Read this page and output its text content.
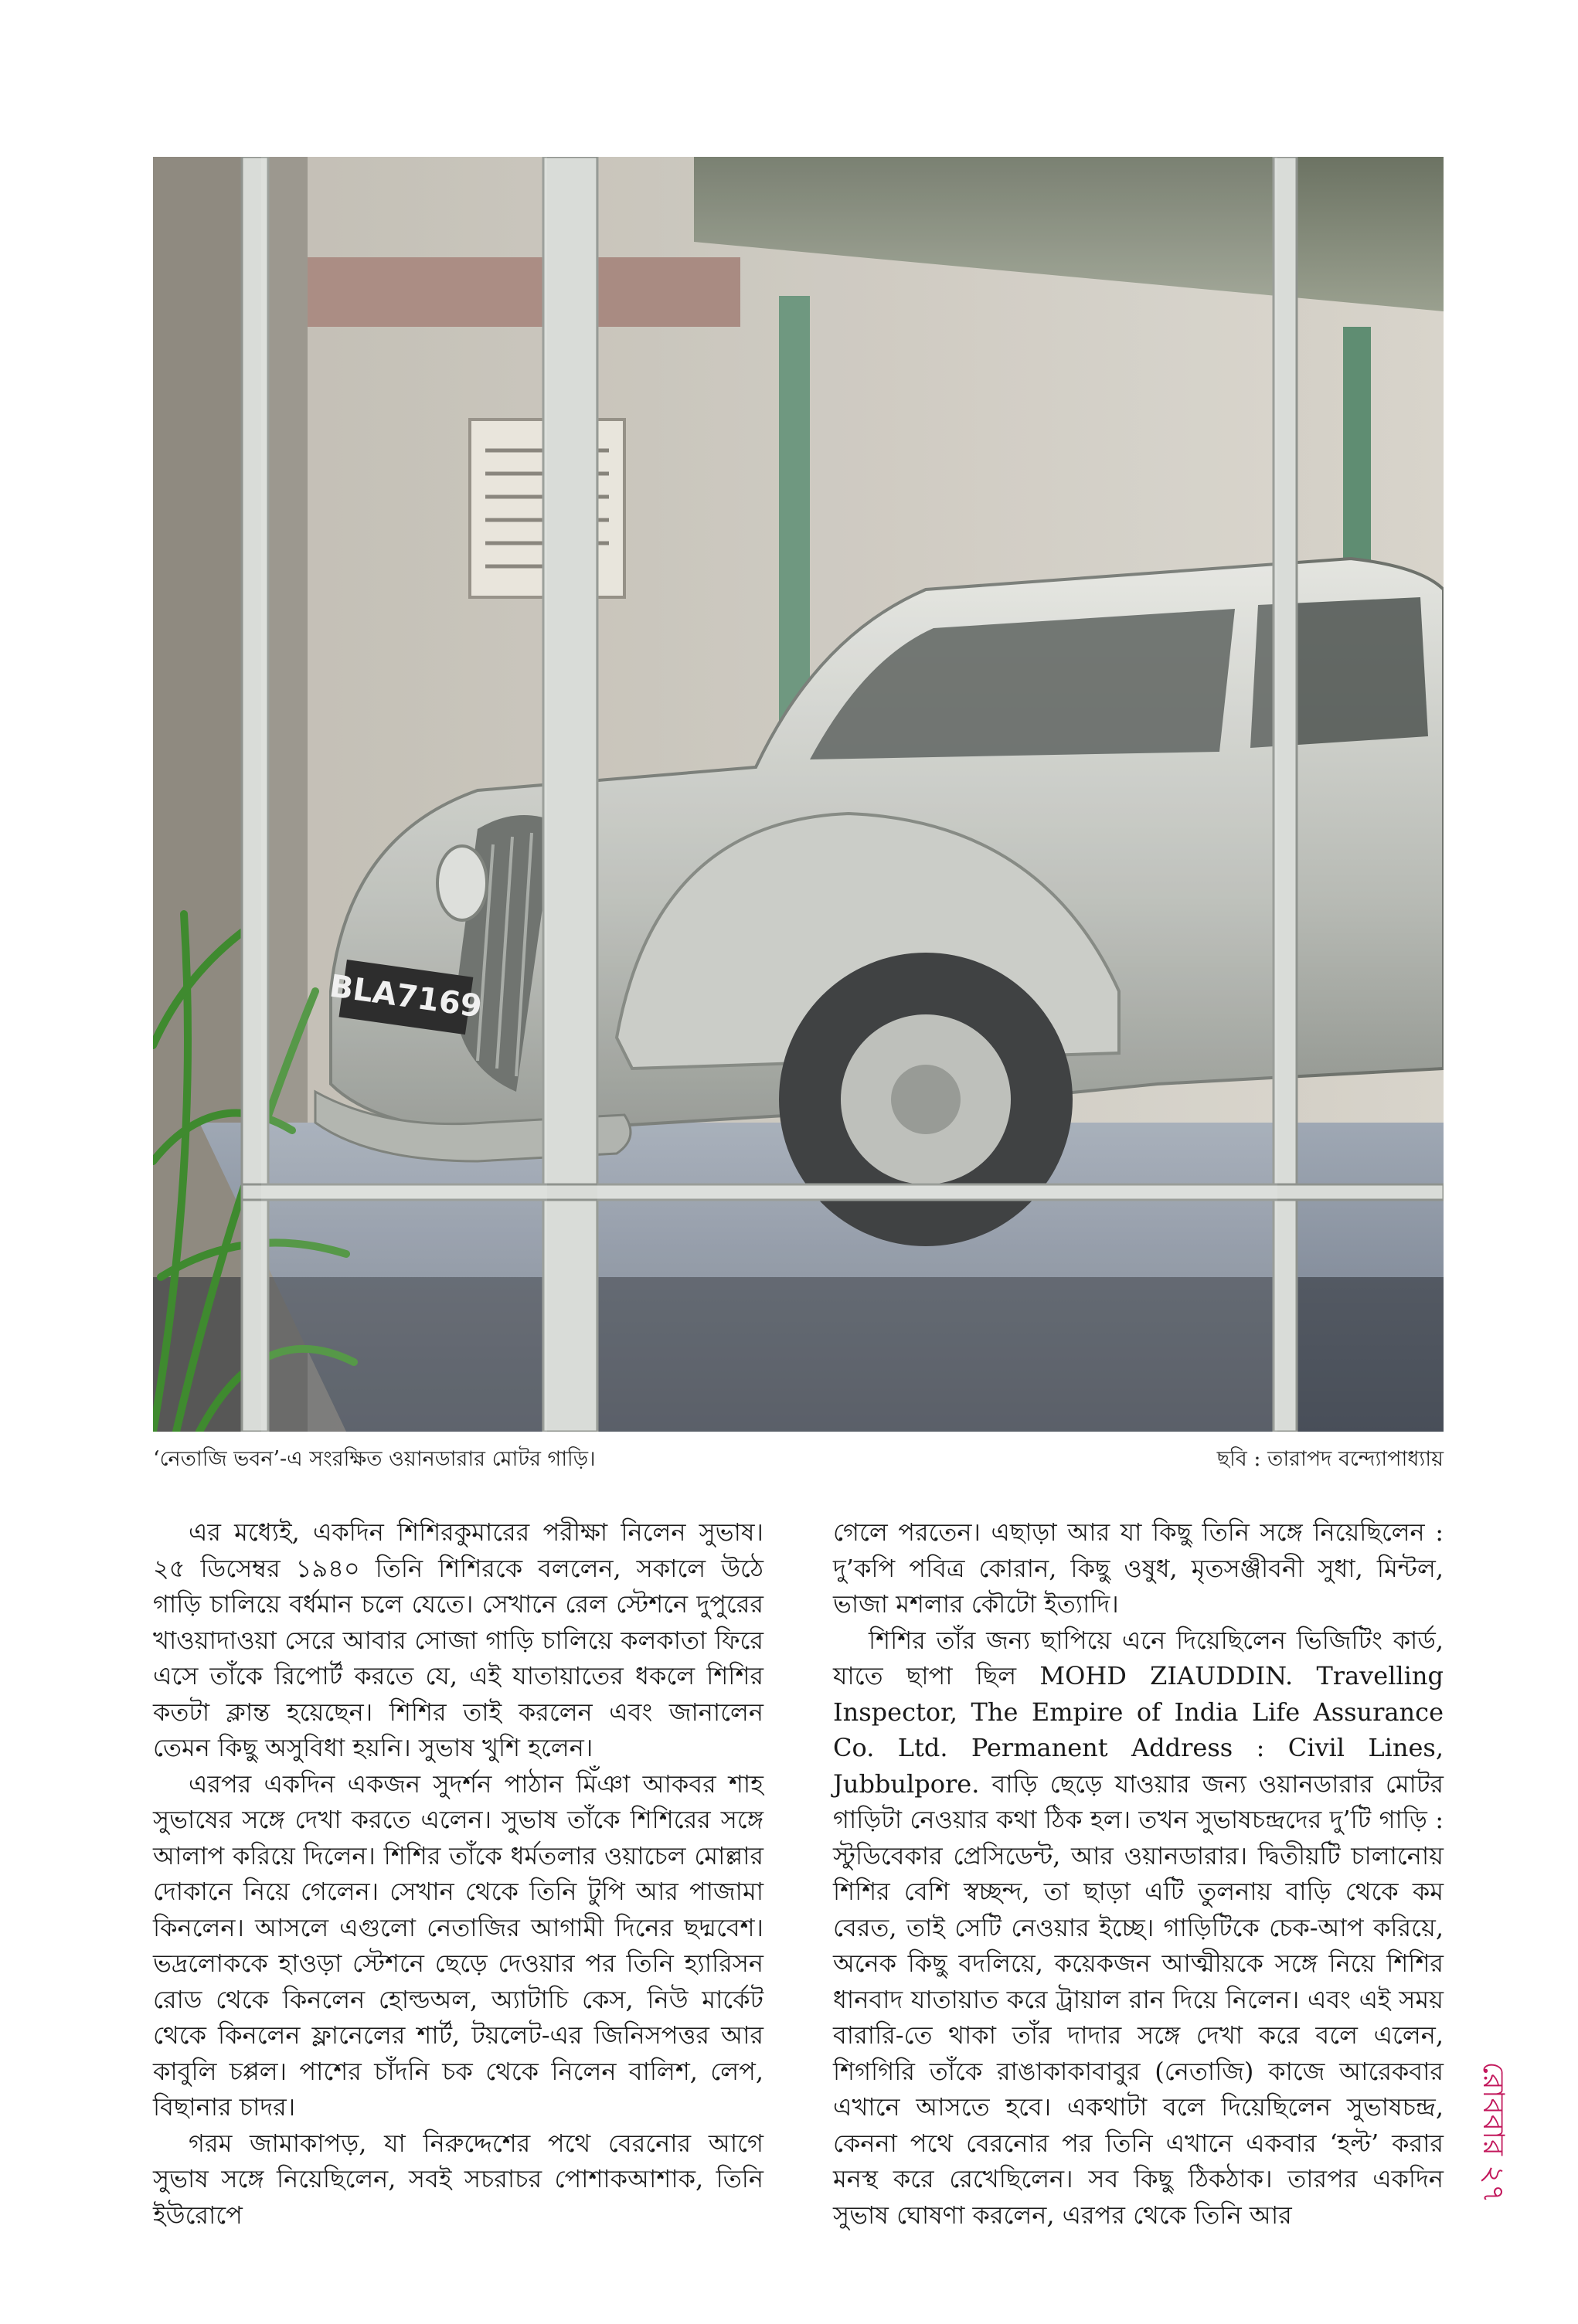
BLA7169
‘নেতাজি ভবন’-এ সংরক্ষিত ওয়ানডারার মোটর গাড়ি।	ছবি : তারাপদ বন্দ্যোপাধ্যায়

এর মধ্যেই, একদিন শিশিরকুমারের পরীক্ষা নিলেন সুভাষ। ২৫ ডিসেম্বর ১৯৪০ তিনি শিশিরকে বললেন, সকালে উঠে গাড়ি চালিয়ে বর্ধমান চলে যেতে। সেখানে রেল স্টেশনে দুপুরের খাওয়াদাওয়া সেরে আবার সোজা গাড়ি চালিয়ে কলকাতা ফিরে এসে তাঁকে রিপোর্ট করতে যে, এই যাতায়াতের ধকলে শিশির কতটা ক্লান্ত হয়েছেন। শিশির তাই করলেন এবং জানালেন তেমন কিছু অসুবিধা হয়নি। সুভাষ খুশি হলেন।

এরপর একদিন একজন সুদর্শন পাঠান মিঁঞা আকবর শাহ সুভাষের সঙ্গে দেখা করতে এলেন। সুভাষ তাঁকে শিশিরের সঙ্গে আলাপ করিয়ে দিলেন। শিশির তাঁকে ধর্মতলার ওয়াচেল মোল্লার দোকানে নিয়ে গেলেন। সেখান থেকে তিনি টুপি আর পাজামা কিনলেন। আসলে এগুলো নেতাজির আগামী দিনের ছদ্মবেশ। ভদ্রলোককে হাওড়া স্টেশনে ছেড়ে দেওয়ার পর তিনি হ্যারিসন রোড থেকে কিনলেন হোল্ডঅল, অ্যাটাচি কেস, নিউ মার্কেট থেকে কিনলেন ফ্লানেলের শার্ট, টয়লেট-এর জিনিসপত্তর আর কাবুলি চপ্পল। পাশের চাঁদনি চক থেকে নিলেন বালিশ, লেপ, বিছানার চাদর।

গরম জামাকাপড়, যা নিরুদ্দেশের পথে বেরনোর আগে সুভাষ সঙ্গে নিয়েছিলেন, সবই সচরাচর পোশাকআশাক, তিনি ইউরোপে

গেলে পরতেন। এছাড়া আর যা কিছু তিনি সঙ্গে নিয়েছিলেন : দু’কপি পবিত্র কোরান, কিছু ওষুধ, মৃতসঞ্জীবনী সুধা, মিন্টল, ভাজা মশলার কৌটো ইত্যাদি।

শিশির তাঁর জন্য ছাপিয়ে এনে দিয়েছিলেন ভিজিটিং কার্ড, যাতে ছাপা ছিল MOHD ZIAUDDIN. Travelling Inspector, The Empire of India Life Assurance Co. Ltd. Permanent Address : Civil Lines, Jubbulpore. বাড়ি ছেড়ে যাওয়ার জন্য ওয়ানডারার মোটর গাড়িটা নেওয়ার কথা ঠিক হল। তখন সুভাষচন্দ্রদের দু’টি গাড়ি : স্টুডিবেকার প্রেসিডেন্ট, আর ওয়ানডারার। দ্বিতীয়টি চালানোয় শিশির বেশি স্বচ্ছন্দ, তা ছাড়া এটি তুলনায় বাড়ি থেকে কম বেরত, তাই সেটি নেওয়ার ইচ্ছে। গাড়িটিকে চেক-আপ করিয়ে, অনেক কিছু বদলিয়ে, কয়েকজন আত্মীয়কে সঙ্গে নিয়ে শিশির ধানবাদ যাতায়াত করে ট্রায়াল রান দিয়ে নিলেন। এবং এই সময় বারারি-তে থাকা তাঁর দাদার সঙ্গে দেখা করে বলে এলেন, শিগগিরি তাঁকে রাঙাকাকাবাবুর (নেতাজি) কাজে আরেকবার এখানে আসতে হবে। একথাটা বলে দিয়েছিলেন সুভাষচন্দ্র, কেননা পথে বেরনোর পর তিনি এখানে একবার ‘হল্ট’ করার মনস্থ করে রেখেছিলেন। সব কিছু ঠিকঠাক। তারপর একদিন সুভাষ ঘোষণা করলেন, এরপর থেকে তিনি আর

রোববার ২৭
